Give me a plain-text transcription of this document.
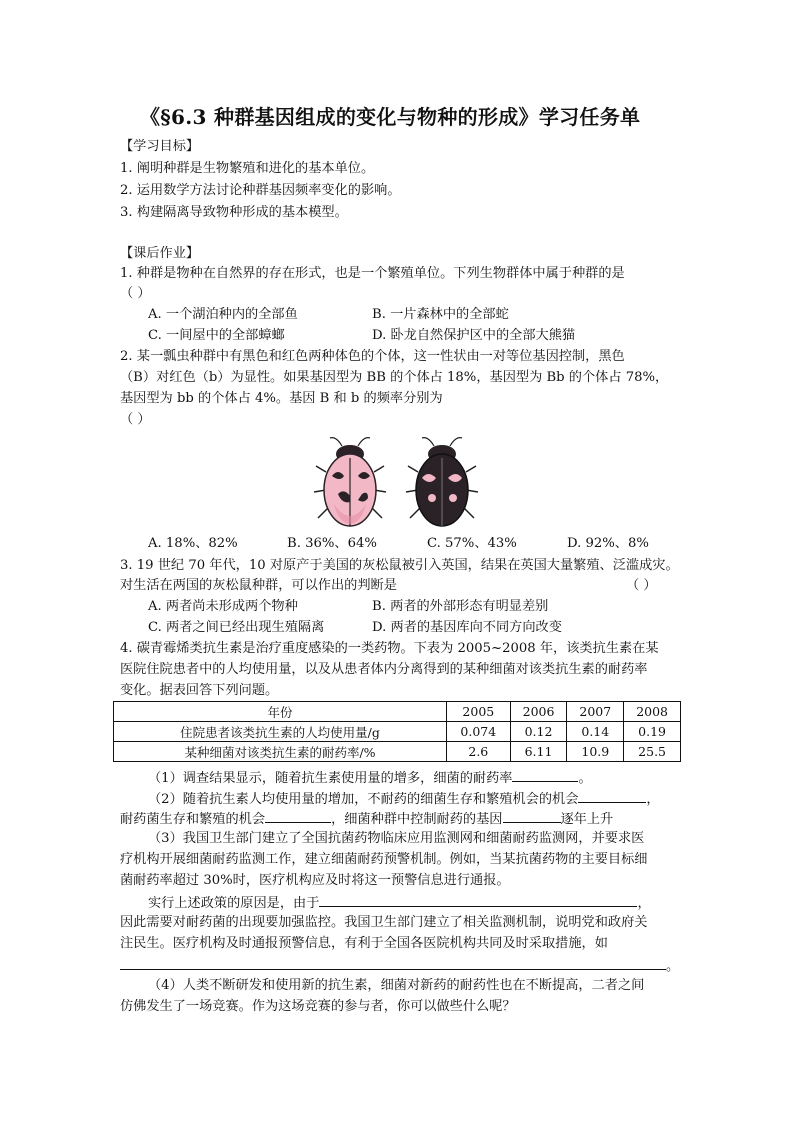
《§6.3 种群基因组成的变化与物种的形成》学习任务单
【学习目标】
1. 阐明种群是生物繁殖和进化的基本单位。
2. 运用数学方法讨论种群基因频率变化的影响。
3. 构建隔离导致物种形成的基本模型。
【课后作业】
1. 种群是物种在自然界的存在形式，也是一个繁殖单位。下列生物群体中属于种群的是
（ ）
A. 一个湖泊种内的全部鱼	B. 一片森林中的全部蛇
C. 一间屋中的全部蟑螂	D. 卧龙自然保护区中的全部大熊猫
2. 某一瓢虫种群中有黑色和红色两种体色的个体，这一性状由一对等位基因控制，黑色
（B）对红色（b）为显性。如果基因型为 BB 的个体占 18%，基因型为 Bb 的个体占 78%，
基因型为 bb 的个体占 4%。基因 B 和 b 的频率分别为
（ ）
A. 18%、82%	B. 36%、64%	C. 57%、43%	D. 92%、8%
3. 19 世纪 70 年代，10 对原产于美国的灰松鼠被引入英国，结果在英国大量繁殖、泛滥成灾。
对生活在两国的灰松鼠种群，可以作出的判断是	（ ）
A. 两者尚未形成两个物种	B. 两者的外部形态有明显差别
C. 两者之间已经出现生殖隔离	D. 两者的基因库向不同方向改变
4. 碳青霉烯类抗生素是治疗重度感染的一类药物。下表为 2005~2008 年，该类抗生素在某
医院住院患者中的人均使用量，以及从患者体内分离得到的某种细菌对该类抗生素的耐药率
变化。据表回答下列问题。
年份	2005	2006	2007	2008
住院患者该类抗生素的人均使用量/g	0.074	0.12	0.14	0.19
某种细菌对该类抗生素的耐药率/%	2.6	6.11	10.9	25.5
（1）调查结果显示，随着抗生素使用量的增多，细菌的耐药率	。
（2）随着抗生素人均使用量的增加，不耐药的细菌生存和繁殖机会的机会	，
耐药菌生存和繁殖的机会	，细菌种群中控制耐药的基因	逐年上升
（3）我国卫生部门建立了全国抗菌药物临床应用监测网和细菌耐药监测网，并要求医
疗机构开展细菌耐药监测工作，建立细菌耐药预警机制。例如，当某抗菌药物的主要目标细
菌耐药率超过 30%时，医疗机构应及时将这一预警信息进行通报。
实行上述政策的原因是，由于	，
因此需要对耐药菌的出现要加强监控。我国卫生部门建立了相关监测机制，说明党和政府关
注民生。医疗机构及时通报预警信息，有利于全国各医院机构共同及时采取措施，如
。
（4）人类不断研发和使用新的抗生素，细菌对新药的耐药性也在不断提高，二者之间
仿佛发生了一场竞赛。作为这场竞赛的参与者，你可以做些什么呢？
